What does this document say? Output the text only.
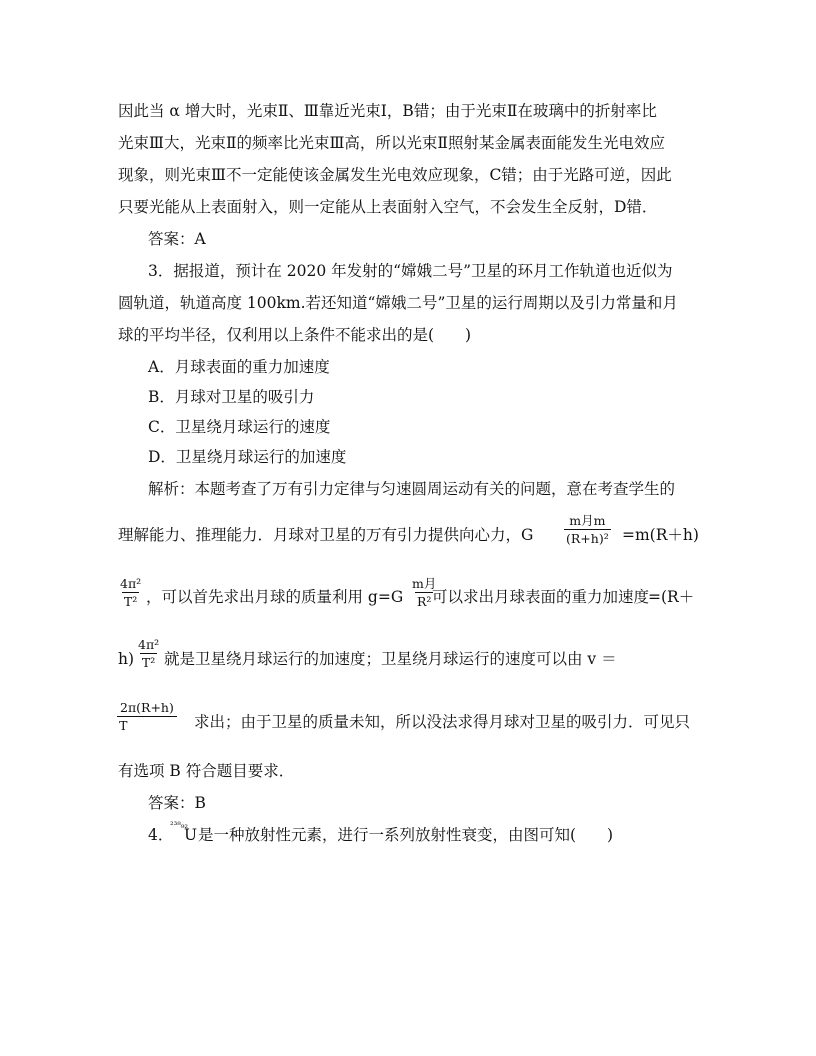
因此当 α 增大时，光束Ⅱ、Ⅲ靠近光束Ⅰ，B错；由于光束Ⅱ在玻璃中的折射率比
光束Ⅲ大，光束Ⅱ的频率比光束Ⅲ高，所以光束Ⅱ照射某金属表面能发生光电效应
现象，则光束Ⅲ不一定能使该金属发生光电效应现象，C错；由于光路可逆，因此
只要光能从上表面射入，则一定能从上表面射入空气，不会发生全反射，D错．
答案：A
3．据报道，预计在 2020 年发射的“嫦娥二号”卫星的环月工作轨道也近似为
圆轨道，轨道高度 100km.若还知道“嫦娥二号”卫星的运行周期以及引力常量和月
球的平均半径，仅利用以上条件不能求出的是(　　)
A．月球表面的重力加速度
B．月球对卫星的吸引力
C．卫星绕月球运行的速度
D．卫星绕月球运行的加速度
解析：本题考查了万有引力定律与匀速圆周运动有关的问题，意在考查学生的
理解能力、推理能力．月球对卫星的万有引力提供向心力，G
m月m
(R+h)² =m(R＋h)
$\frac{\text{4π²}}{\text{T²}}$ ，可以首先求出月球的质量利用 g=G
m月
R² 可以求出月球表面的重力加速度
=(R＋
$h) \frac{\text{4π²}}{\text{T²}}$ 就是卫星绕月球运行的加速度；卫星绕月球运行的速度可以由 v ＝
$\frac{2\pi(R+h)}{T}$ 求出；由于卫星的质量未知，所以没法求得月球对卫星的吸引力．可见只
有选项 B 符合题目要求．
答案：B
4．
²³⁸₉₂
U 是一种放射性元素，进行一系列放射性衰变，由图可知(　　)
